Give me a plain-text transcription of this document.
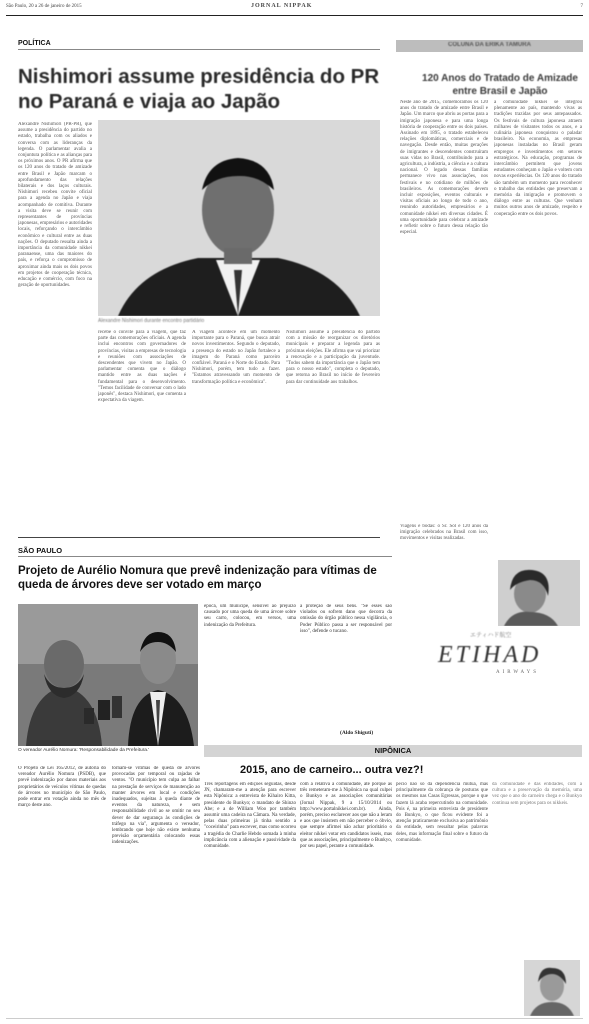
São Paulo, 20 a 26 de janeiro de 2015	JORNAL NIPPAK	7
POLÍTICA
Nishimori assume presidência do PR no Paraná e viaja ao Japão
Alexandre Nishimori (PR-PR), que assume a presidência do partido no estado, trabalha com os aliados e conversa com as lideranças da legenda. O parlamentar avalia a conjuntura política e as alianças para os próximos anos. O PR afirma que os 120 anos do tratado de amizade entre Brasil e Japão marcam o aprofundamento das relações bilaterais e dos laços culturais. Nishimori recebeu convite oficial para a agenda no Japão e viaja acompanhado de comitiva. Durante a visita deve se reunir com representantes de províncias japonesas, empresários e autoridades locais, reforçando o intercâmbio econômico e cultural entre as duas nações. O deputado ressalta ainda a importância da comunidade nikkei paranaense, uma das maiores do país, e reforça o compromisso de aproximar ainda mais os dois povos em projetos de cooperação técnica, educação e comércio, com foco na geração de oportunidades.
Alexandre Nishimori durante encontro partidário
recebe o convite para a viagem, que faz parte das comemorações oficiais. A agenda inclui encontros com governadores de províncias, visitas a empresas de tecnologia e reuniões com associações de descendentes que vivem no Japão. O parlamentar comenta que o diálogo mantido entre as duas nações é fundamental para o desenvolvimento. "Temos facilidade de conversar com o lado japonês", destaca Nishimori, que comenta a expectativa da viagem.
A viagem acontece em um momento importante para o Paraná, que busca atrair novos investimentos. Segundo o deputado, a presença do estado no Japão fortalece a imagem do Paraná como parceiro confiável. Paraná e o Norte do Estado. Para Nishimori, porém, tem tudo a fazer. "Estamos atravessando um momento de transformação política e econômica".
Nishimori assume a presidência do partido com a missão de reorganizar os diretórios municipais e preparar a legenda para as próximas eleições. Ele afirma que vai priorizar a renovação e a participação da juventude. "Todos sabem da importância que o Japão tem para o nosso estado", completa o deputado, que retorna ao Brasil no início de fevereiro para dar continuidade aos trabalhos.
COLUNA DA ERIKA TAMURA
120 Anos do Tratado de Amizade entre Brasil e Japão
Neste ano de 2015, comemoramos os 120 anos do tratado de amizade entre Brasil e Japão. Um marco que abriu as portas para a imigração japonesa e para uma longa história de cooperação entre os dois países. Assinado em 1895, o tratado estabeleceu relações diplomáticas, comerciais e de navegação. Desde então, muitas gerações de imigrantes e descendentes construíram suas vidas no Brasil, contribuindo para a agricultura, a indústria, a ciência e a cultura nacional. O legado dessas famílias permanece vivo nas associações, nos festivais e no cotidiano de milhões de brasileiros. As comemorações devem incluir exposições, eventos culturais e visitas oficiais ao longo de todo o ano, reunindo autoridades, empresários e a comunidade nikkei em diversas cidades. É uma oportunidade para celebrar a amizade e refletir sobre o futuro dessa relação tão especial.
a comunidade nikkei se integrou plenamente ao país, mantendo vivas as tradições trazidas por seus antepassados. Os festivais de cultura japonesa atraem milhares de visitantes todos os anos, e a culinária japonesa conquistou o paladar brasileiro. Na economia, as empresas japonesas instaladas no Brasil geram empregos e investimentos em setores estratégicos. Na educação, programas de intercâmbio permitem que jovens estudantes conheçam o Japão e voltem com novas experiências. Os 120 anos do tratado são também um momento para reconhecer o trabalho das entidades que preservam a memória da imigração e promovem o diálogo entre as culturas. Que venham muitos outros anos de amizade, respeito e cooperação entre os dois povos.
Viagens e bodas: o Sr. Sol e 120 anos da imigração celebrados na Brasil com isso, movimentos e visitas realizadas.
エティハド航空
ETIHAD
AIRWAYS
SÃO PAULO
Projeto de Aurélio Nomura que prevê indenização para vítimas de queda de árvores deve ser votado em março
O vereador Aurélio Nomura: 'Responsabilidade da Prefeitura.'
época, um munícipe, sensível ao prejuízo causado por uma queda de uma árvore sobre seu carro, colocou, em versos, uma indenização da Prefeitura.
a proteção de seus bens. "Se esses são violados ou sofrem dano que decorra da omissão do órgão público nessa vigilância, o Poder Público passa a ser responsável por isso", defende o tucano.
(Aldo Shiguti)
O Projeto de Lei 165/2012, de autoria do vereador Aurélio Nomura (PSDB), que prevê indenização por danos materiais aos proprietários de veículos vítimas de quedas de árvores no município de São Paulo, pode entrar em votação ainda no mês de março deste ano.
tornam-se vítimas de queda de árvores provocadas por temporal ou rajadas de ventos. "O município tem culpa ao falhar na prestação de serviços de manutenção ao manter árvores em local e condições inadequados, sujeitas à queda diante de eventos da natureza, e sem responsabilidade civil ao se omitir no seu dever de dar segurança às condições de tráfego na via", argumenta o vereador, lembrando que hoje não existe nenhuma previsão orçamentária colocando essas indenizações.
NIPÔNICA
2015, ano de carneiro... outra vez?!
Três reportagens em edições seguidas, desde JN, chamaram-me a atenção para escrever esta Nipônica: a entrevista de Kihairo Kitta, presidente do Bunkyo; o mandato de Shinzo Abe; e a de William Woo por também assumir uma cadeira na Câmara. Na verdade, pelas duas primeiras já tinha sentido a "coceirinha" para escrever, mas como ocorreu a tragédia do Charlie Hebdo somada à minha implicância com a alienação e passividade da comunidade.
com a relativa à comunidade, até porque as três remeteram-me à Nipônica na qual culpei o Bunkyo e as associações comunitárias (Jornal Nippak, 9 a 15/10/2014 ou http://www.portalnikkei.com.br). Ainda, porém, preciso esclarecer aos que não a leram e aos que insistem em não perceber o óbvio, que sempre afirmei não achar prioritário o eleitor nikkei votar em candidatos isseis, mas que as associações, principalmente o Bunkyo, por seu papel, perante a comunidade.
pecio não só da dependência mútua, mas principalmente da cobrança de posturas que os mesmos nas Casas Egressas, porque o que fazem lá acaba repercutindo na comunidade. Pois é, na primeira entrevista de presidente do Bunkyo, o que ficou evidente foi a atenção praticamente exclusiva ao patrimônio da entidade, sem ressaltar pelas palavras deles, mas informação final sobre o futuro da comunidade.
da comunidade e das entidades, com a cultura e a preservação da memória, uma vez que o ano do carneiro chega e o Bunkyo continua sem projetos para os nikkeis.
